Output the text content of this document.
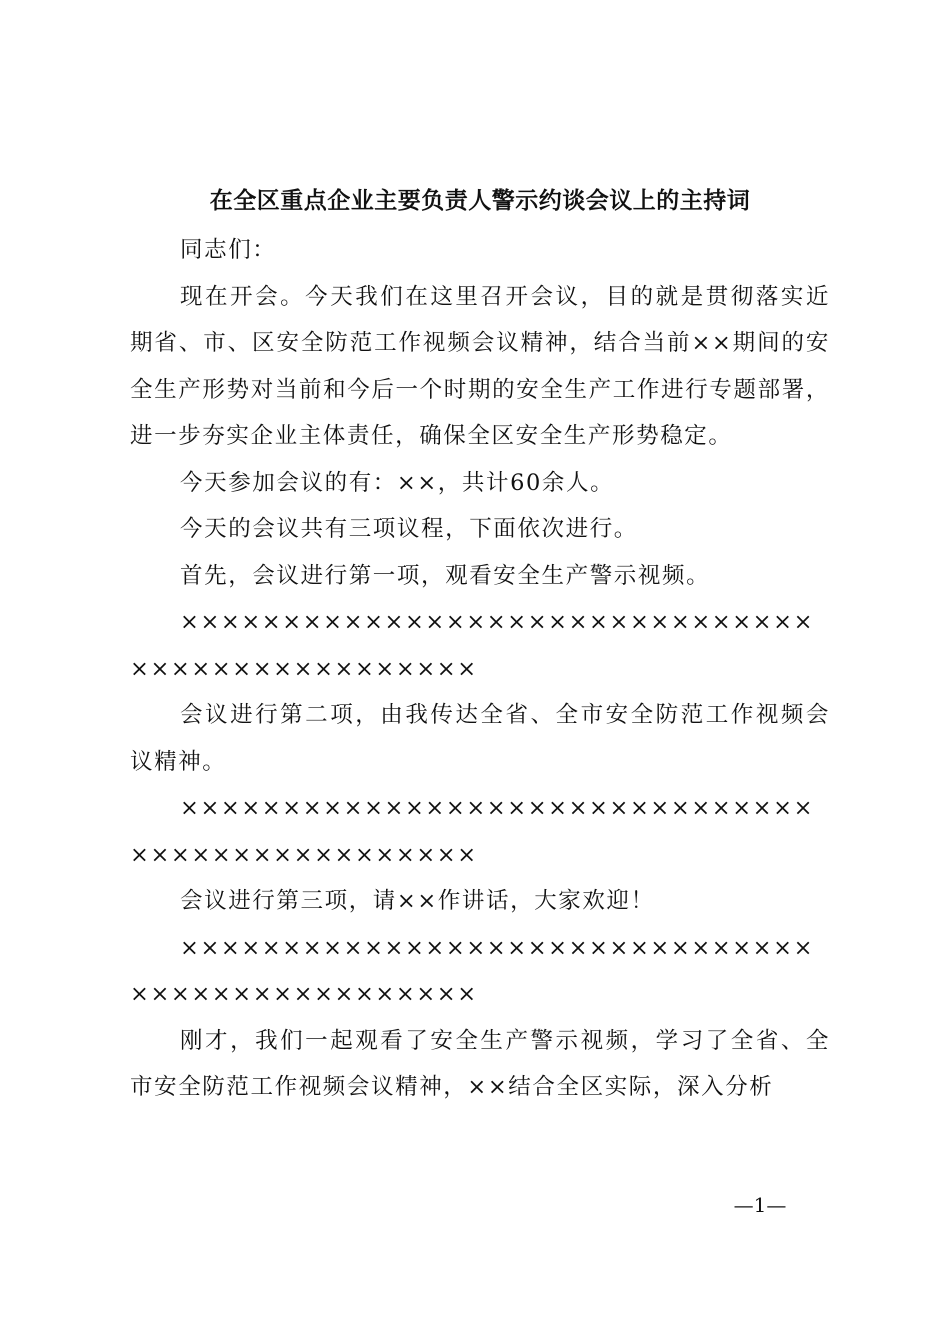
在全区重点企业主要负责人警示约谈会议上的主持词

同志们：

现在开会。今天我们在这里召开会议，目的就是贯彻落实近期省、市、区安全防范工作视频会议精神，结合当前××期间的安全生产形势对当前和今后一个时期的安全生产工作进行专题部署，进一步夯实企业主体责任，确保全区安全生产形势稳定。

今天参加会议的有：××，共计60余人。

今天的会议共有三项议程，下面依次进行。

首先，会议进行第一项，观看安全生产警示视频。

××××××××××××××××××××××××××××××××××××××××××××××××

会议进行第二项，由我传达全省、全市安全防范工作视频会议精神。

××××××××××××××××××××××××××××××××××××××××××××××××

会议进行第三项，请××作讲话，大家欢迎！

××××××××××××××××××××××××××××××××××××××××××××××××

刚才，我们一起观看了安全生产警示视频，学习了全省、全市安全防范工作视频会议精神，××结合全区实际，深入分析

—1—
